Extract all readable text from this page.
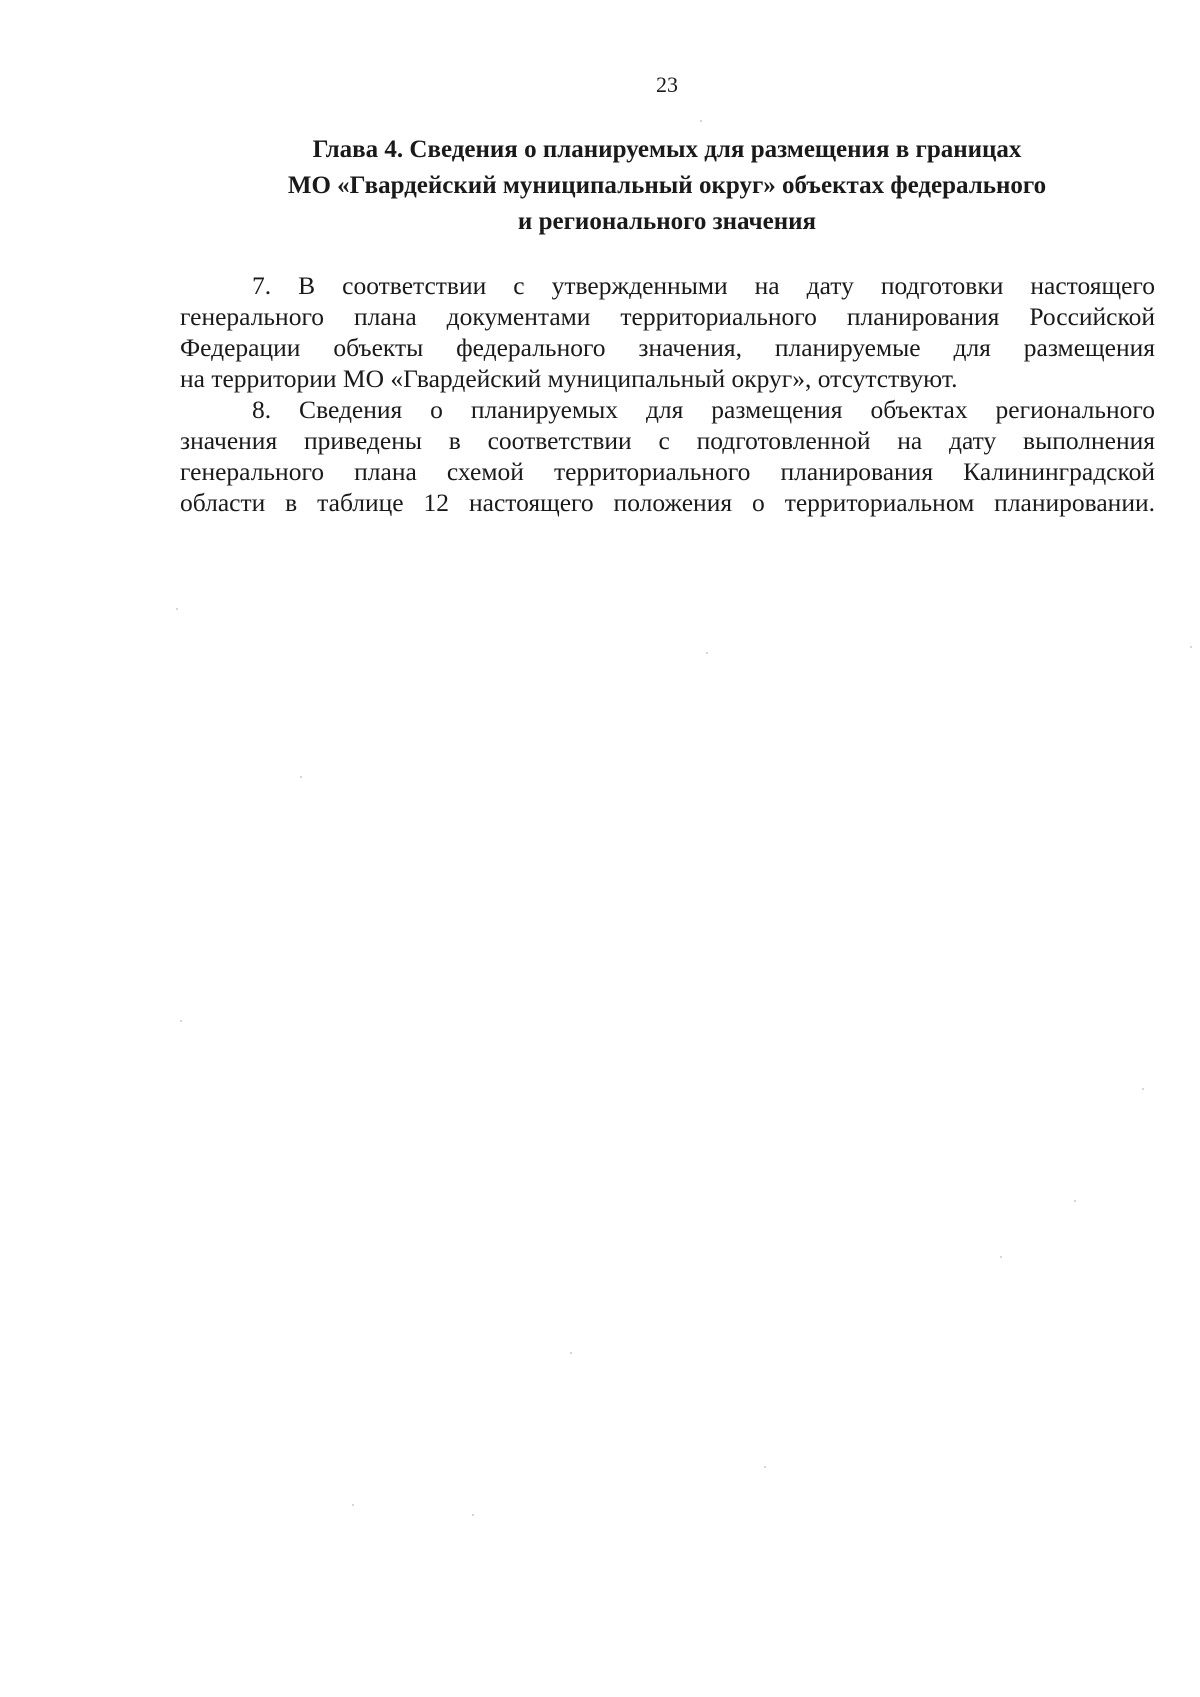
23
Глава 4. Сведения о планируемых для размещения в границах
МО «Гвардейский муниципальный округ» объектах федерального
и регионального значения

7. В соответствии с утвержденными на дату подготовки настоящего
генерального плана документами территориального планирования Российской
Федерации объекты федерального значения, планируемые для размещения
на территории МО «Гвардейский муниципальный округ», отсутствуют.

8. Сведения о планируемых для размещения объектах регионального
значения приведены в соответствии с подготовленной на дату выполнения
генерального плана схемой территориального планирования Калининградской
области в таблице 12 настоящего положения о территориальном планировании.
